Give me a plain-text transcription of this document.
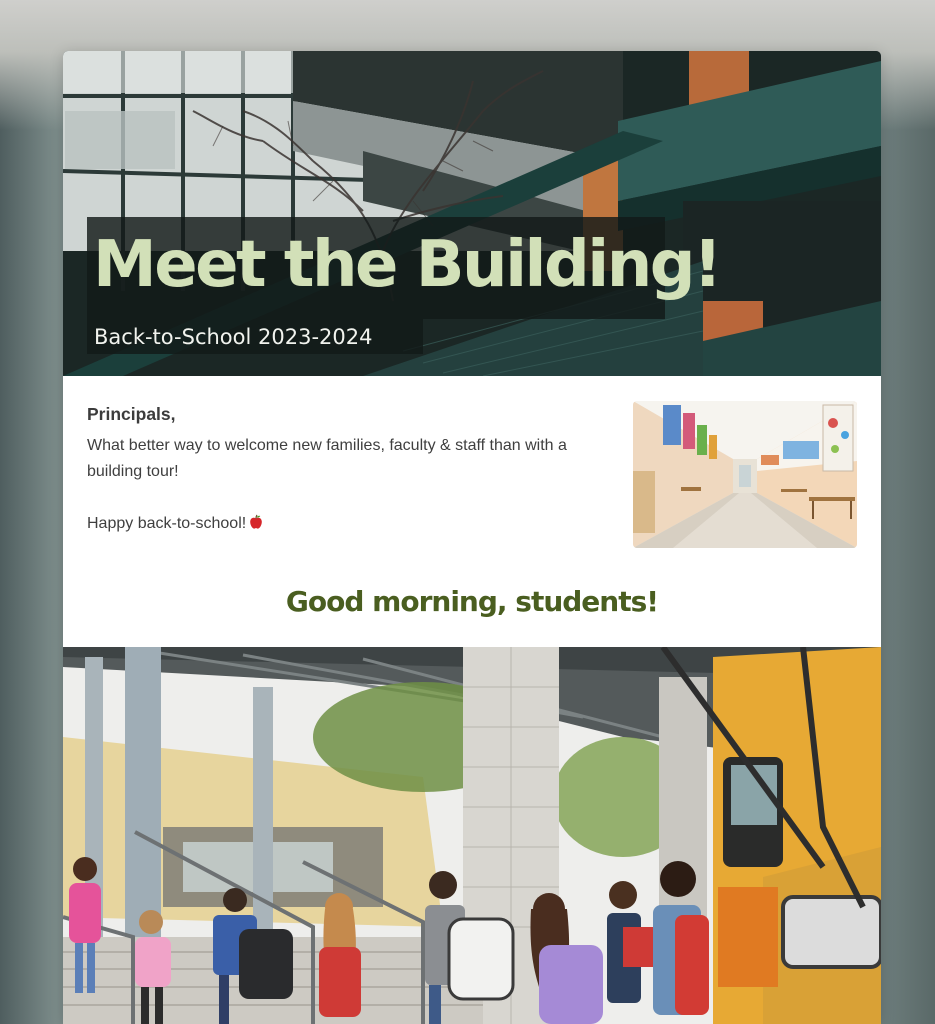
Meet the Building!

Back-to-School 2023-2024

Principals,

What better way to welcome new families, faculty & staff than with a building tour!

Happy back-to-school!

Good morning, students!
